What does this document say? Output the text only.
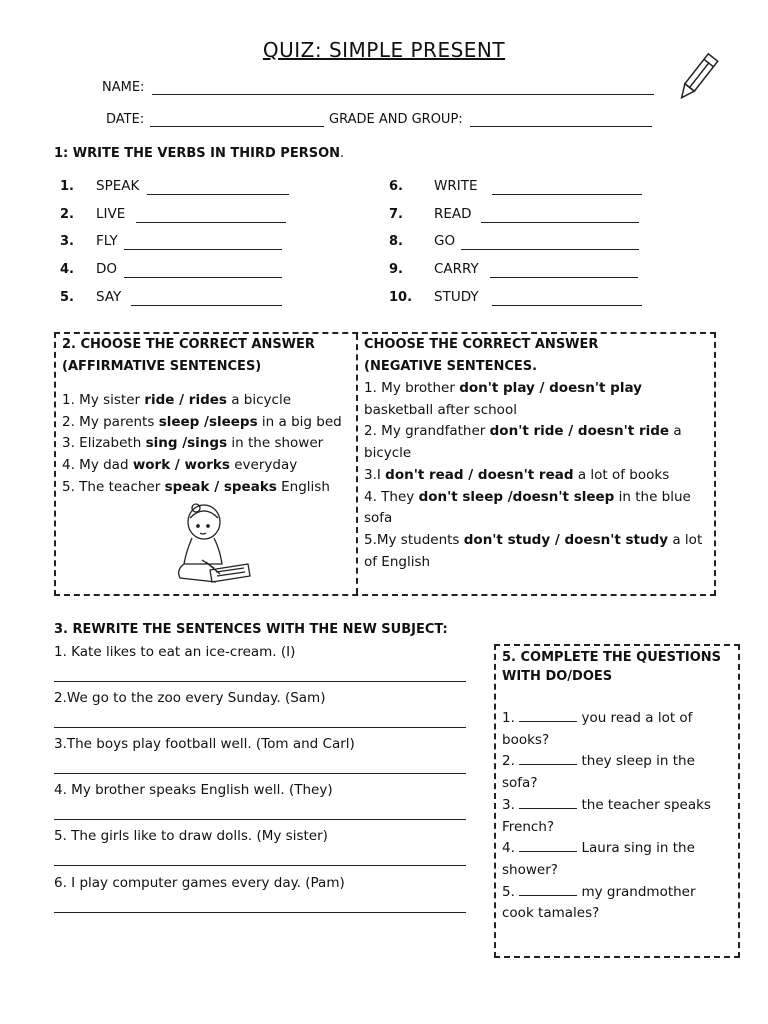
QUIZ: SIMPLE PRESENT
NAME:
DATE:	GRADE AND GROUP:
1: WRITE THE VERBS IN THIRD PERSON.
1. SPEAK
2. LIVE
3. FLY
4. DO
5. SAY
6. WRITE
7. READ
8. GO
9. CARRY
10. STUDY
2. CHOOSE THE CORRECT ANSWER
(AFFIRMATIVE SENTENCES)
1. My sister ride / rides a bicycle
2. My parents sleep /sleeps in a big bed
3. Elizabeth sing /sings in the shower
4. My dad work / works everyday
5. The teacher speak / speaks English
CHOOSE THE CORRECT ANSWER
(NEGATIVE SENTENCES.
1. My brother don't play / doesn't play basketball after school
2. My grandfather don't ride / doesn't ride a bicycle
3.I don't read / doesn't read a lot of books
4. They don't sleep /doesn't sleep in the blue sofa
5.My students don't study / doesn't study a lot of English
3. REWRITE THE SENTENCES WITH THE NEW SUBJECT:
1. Kate likes to eat an ice-cream. (I)
2.We go to the zoo every Sunday. (Sam)
3.The boys play football well. (Tom and Carl)
4. My brother speaks English well. (They)
5. The girls like to draw dolls. (My sister)
6. I play computer games every day. (Pam)
5. COMPLETE THE QUESTIONS
WITH DO/DOES
1.	you read a lot of
books?
2.	they sleep in the
sofa?
3.	the teacher speaks
French?
4.	Laura sing in the
shower?
5.	my grandmother
cook tamales?
